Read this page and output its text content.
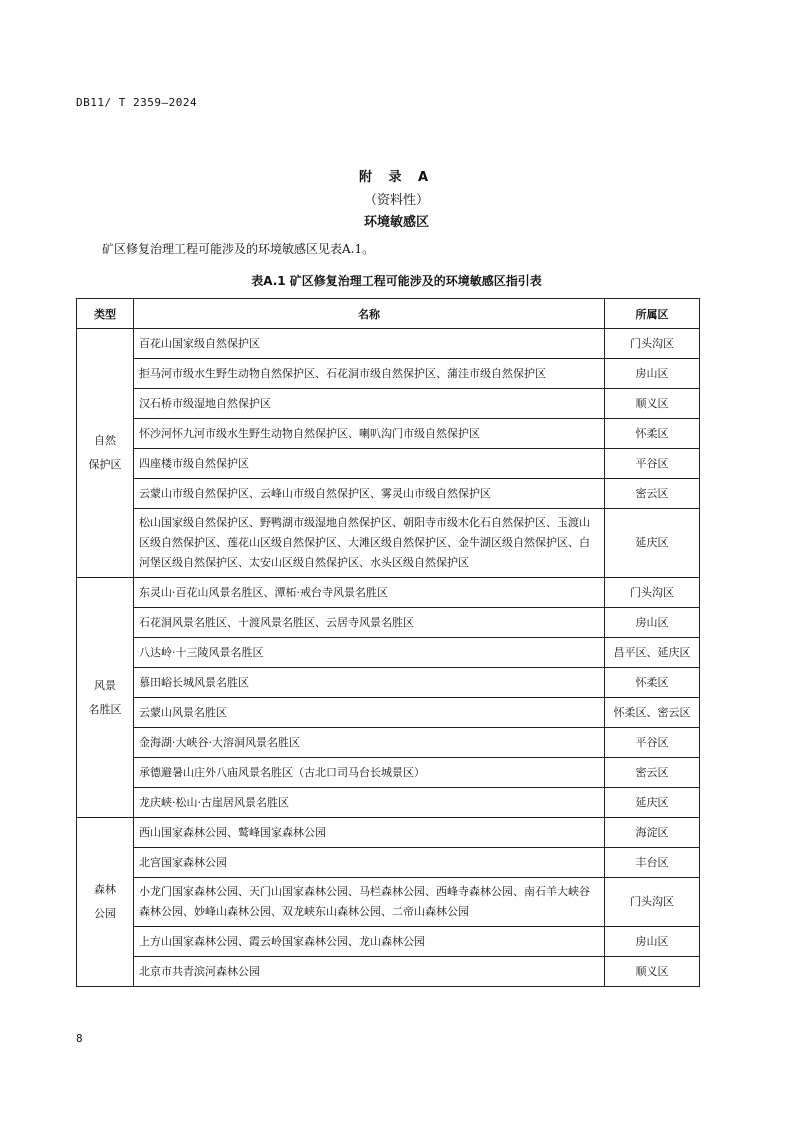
DB11/ T 2359—2024
附 录 A
（资料性）
环境敏感区
矿区修复治理工程可能涉及的环境敏感区见表A.1。
表A.1 矿区修复治理工程可能涉及的环境敏感区指引表
类型	名称	所属区

自然
保护区	百花山国家级自然保护区	门头沟区
	拒马河市级水生野生动物自然保护区、石花洞市级自然保护区、蒲洼市级自然保护区	房山区
	汉石桥市级湿地自然保护区	顺义区
	怀沙河怀九河市级水生野生动物自然保护区、喇叭沟门市级自然保护区	怀柔区
	四座楼市级自然保护区	平谷区
	云蒙山市级自然保护区、云峰山市级自然保护区、雾灵山市级自然保护区	密云区
	松山国家级自然保护区、野鸭湖市级湿地自然保护区、朝阳寺市级木化石自然保护区、玉渡山区级自然保护区、莲花山区级自然保护区、大滩区级自然保护区、金牛湖区级自然保护区、白河堡区级自然保护区、太安山区级自然保护区、水头区级自然保护区	延庆区

风景
名胜区	东灵山·百花山风景名胜区、潭柘·戒台寺风景名胜区	门头沟区
	石花洞风景名胜区、十渡风景名胜区、云居寺风景名胜区	房山区
	八达岭·十三陵风景名胜区	昌平区、延庆区
	慕田峪长城风景名胜区	怀柔区
	云蒙山风景名胜区	怀柔区、密云区
	金海湖·大峡谷·大溶洞风景名胜区	平谷区
	承德避暑山庄外八庙风景名胜区（古北口司马台长城景区）	密云区
	龙庆峡·松山·古崖居风景名胜区	延庆区

森林
公园	西山国家森林公园、鹫峰国家森林公园	海淀区
	北宫国家森林公园	丰台区
	小龙门国家森林公园、天门山国家森林公园、马栏森林公园、西峰寺森林公园、南石羊大峡谷森林公园、妙峰山森林公园、双龙峡东山森林公园、二帝山森林公园	门头沟区
	上方山国家森林公园、霞云岭国家森林公园、龙山森林公园	房山区
	北京市共青滨河森林公园	顺义区
8
